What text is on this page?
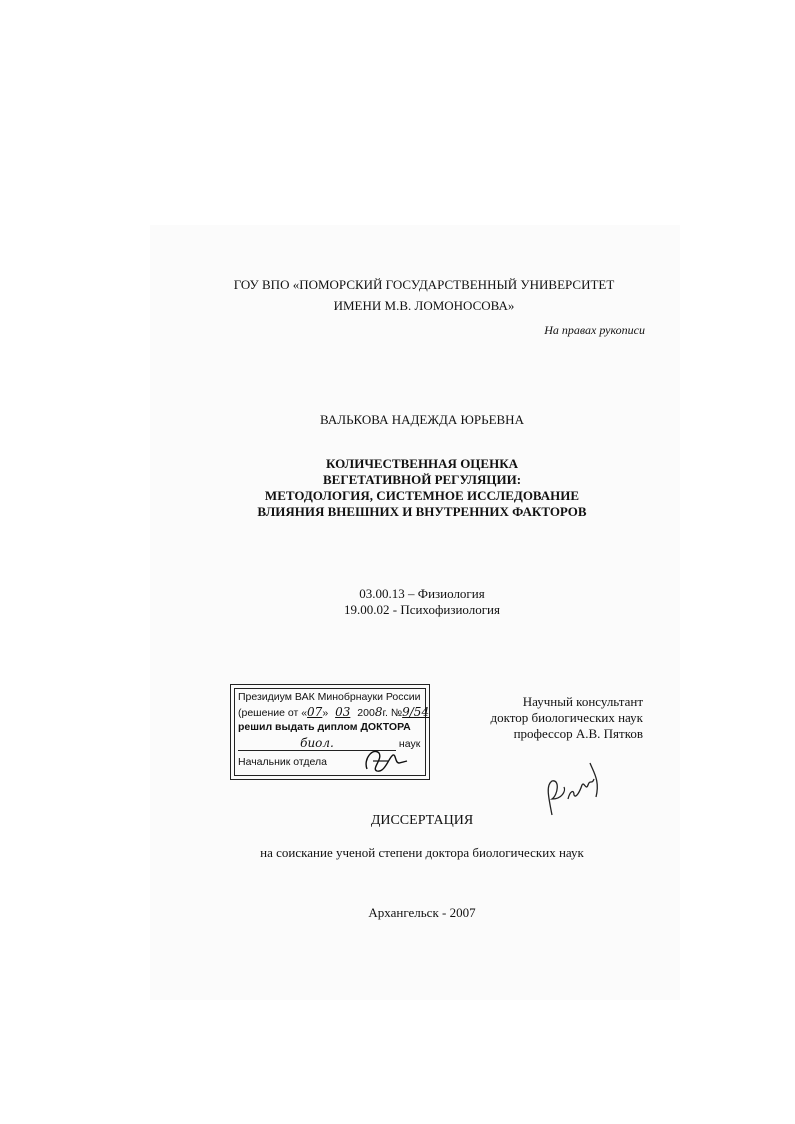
ГОУ ВПО «ПОМОРСКИЙ ГОСУДАРСТВЕННЫЙ УНИВЕРСИТЕТ
ИМЕНИ М.В. ЛОМОНОСОВА»
На правах рукописи
ВАЛЬКОВА НАДЕЖДА ЮРЬЕВНА
КОЛИЧЕСТВЕННАЯ ОЦЕНКА
ВЕГЕТАТИВНОЙ РЕГУЛЯЦИИ:
МЕТОДОЛОГИЯ, СИСТЕМНОЕ ИССЛЕДОВАНИЕ
ВЛИЯНИЯ ВНЕШНИХ И ВНУТРЕННИХ ФАКТОРОВ
03.00.13 – Физиология
19.00.02 - Психофизиология
Президиум ВАК Минобрнауки России
(решение от «07» 03 2008г. №9/54
решил выдать диплом ДОКТОРА
биол.	наук
Начальник отдела
Научный консультант
доктор биологических наук
профессор А.В. Пятков
ДИССЕРТАЦИЯ
на соискание ученой степени доктора биологических наук
Архангельск - 2007
